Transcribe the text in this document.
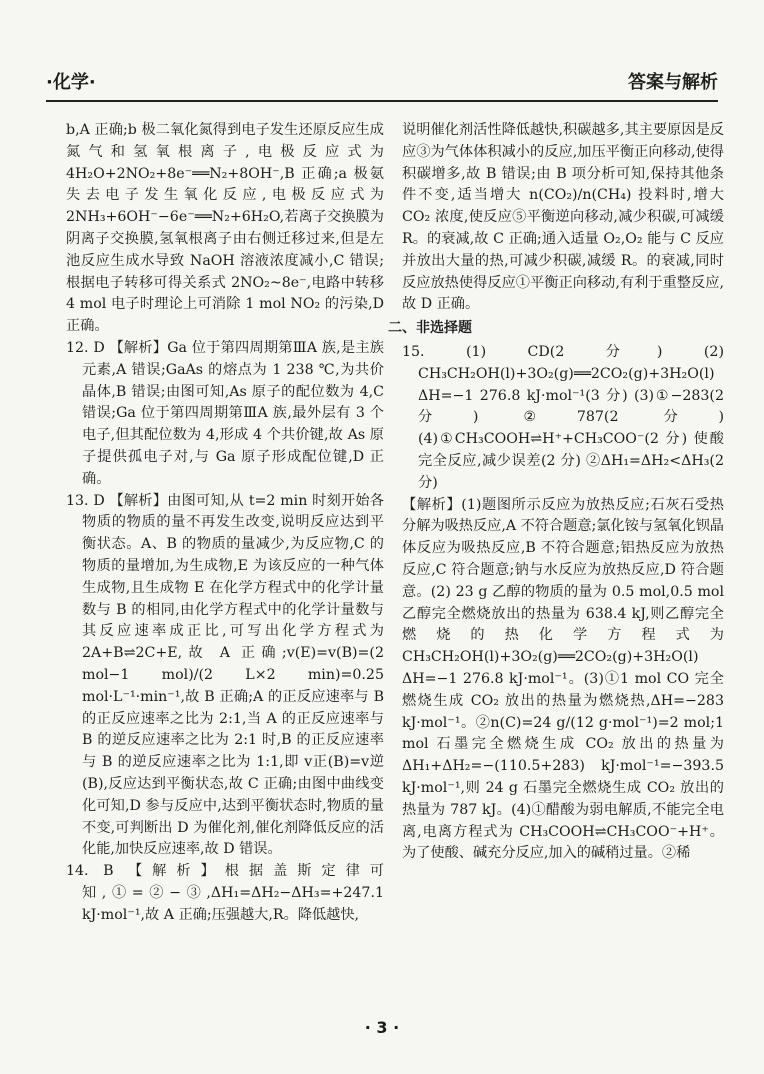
·化学·	答案与解析

b,A 正确;b 极二氧化氮得到电子发生还原反应生成氮气和氢氧根离子,电极反应式为 4H₂O+2NO₂+8e⁻══N₂+8OH⁻,B 正确;a 极氨失去电子发生氧化反应,电极反应式为 2NH₃+6OH⁻−6e⁻══N₂+6H₂O,若离子交换膜为阴离子交换膜,氢氧根离子由右侧迁移过来,但是左池反应生成水导致 NaOH 溶液浓度减小,C 错误;根据电子转移可得关系式 2NO₂~8e⁻,电路中转移 4 mol 电子时理论上可消除 1 mol NO₂ 的污染,D 正确。

12. D 【解析】Ga 位于第四周期第ⅢA 族,是主族元素,A 错误;GaAs 的熔点为 1 238 ℃,为共价晶体,B 错误;由图可知,As 原子的配位数为 4,C 错误;Ga 位于第四周期第ⅢA 族,最外层有 3 个电子,但其配位数为 4,形成 4 个共价键,故 As 原子提供孤电子对,与 Ga 原子形成配位键,D 正确。

13. D 【解析】由图可知,从 t=2 min 时刻开始各物质的物质的量不再发生改变,说明反应达到平衡状态。A、B 的物质的量减少,为反应物,C 的物质的量增加,为生成物,E 为该反应的一种气体生成物,且生成物 E 在化学方程式中的化学计量数与 B 的相同,由化学方程式中的化学计量数与其反应速率成正比,可写出化学方程式为 2A+B⇌2C+E,故 A 正确;v(E)=v(B)=(2 mol−1 mol)/(2 L×2 min)=0.25 mol·L⁻¹·min⁻¹,故 B 正确;A 的正反应速率与 B 的正反应速率之比为 2:1,当 A 的正反应速率与 B 的逆反应速率之比为 2:1 时,B 的正反应速率与 B 的逆反应速率之比为 1:1,即 v正(B)=v逆(B),反应达到平衡状态,故 C 正确;由图中曲线变化可知,D 参与反应中,达到平衡状态时,物质的量不变,可判断出 D 为催化剂,催化剂降低反应的活化能,加快反应速率,故 D 错误。

14. B 【解析】根据盖斯定律可知,①=②−③,ΔH₁=ΔH₂−ΔH₃=+247.1 kJ·mol⁻¹,故 A 正确;压强越大,R。降低越快,

说明催化剂活性降低越快,积碳越多,其主要原因是反应③为气体体积减小的反应,加压平衡正向移动,使得积碳增多,故 B 错误;由 B 项分析可知,保持其他条件不变,适当增大 n(CO₂)/n(CH₄) 投料时,增大 CO₂ 浓度,使反应⑤平衡逆向移动,减少积碳,可减缓 R。的衰减,故 C 正确;通入适量 O₂,O₂ 能与 C 反应并放出大量的热,可减少积碳,减缓 R。的衰减,同时反应放热使得反应①平衡正向移动,有利于重整反应,故 D 正确。

二、非选择题

15. (1) CD(2 分) (2) CH₃CH₂OH(l)+3O₂(g)══2CO₂(g)+3H₂O(l) ΔH=−1 276.8 kJ·mol⁻¹(3 分) (3)①−283(2 分) ②787(2 分) (4)①CH₃COOH⇌H⁺+CH₃COO⁻(2 分) 使酸完全反应,减少误差(2 分) ②ΔH₁=ΔH₂<ΔH₃(2 分)

【解析】(1)题图所示反应为放热反应;石灰石受热分解为吸热反应,A 不符合题意;氯化铵与氢氧化钡晶体反应为吸热反应,B 不符合题意;铝热反应为放热反应,C 符合题意;钠与水反应为放热反应,D 符合题意。(2) 23 g 乙醇的物质的量为 0.5 mol,0.5 mol 乙醇完全燃烧放出的热量为 638.4 kJ,则乙醇完全燃烧的热化学方程式为 CH₃CH₂OH(l)+3O₂(g)══2CO₂(g)+3H₂O(l) ΔH=−1 276.8 kJ·mol⁻¹。(3)①1 mol CO 完全燃烧生成 CO₂ 放出的热量为燃烧热,ΔH=−283 kJ·mol⁻¹。②n(C)=24 g/(12 g·mol⁻¹)=2 mol;1 mol 石墨完全燃烧生成 CO₂ 放出的热量为 ΔH₁+ΔH₂=−(110.5+283) kJ·mol⁻¹=−393.5 kJ·mol⁻¹,则 24 g 石墨完全燃烧生成 CO₂ 放出的热量为 787 kJ。(4)①醋酸为弱电解质,不能完全电离,电离方程式为 CH₃COOH⇌CH₃COO⁻+H⁺。为了使酸、碱充分反应,加入的碱稍过量。②稀

· 3 ·
